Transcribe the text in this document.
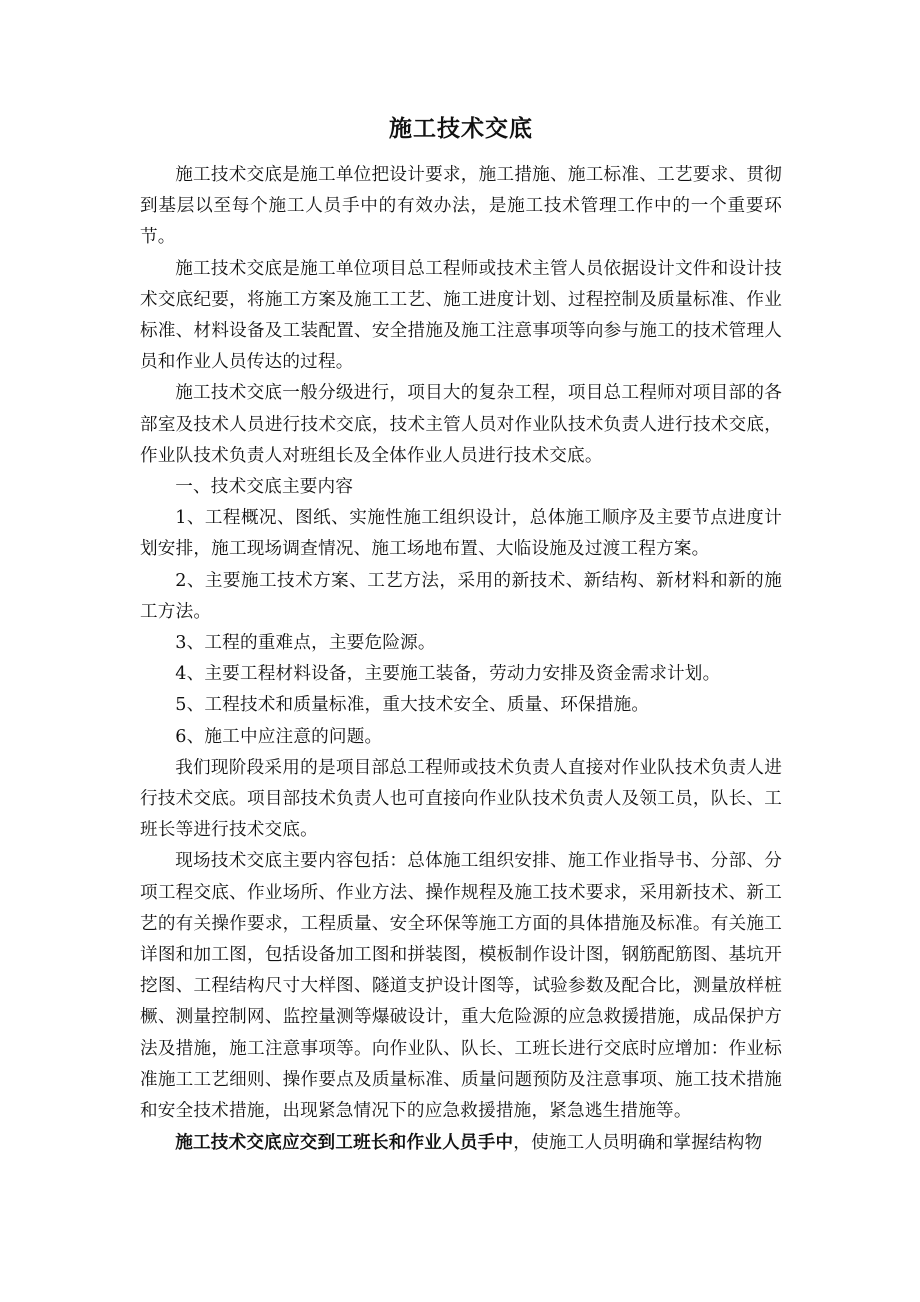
施工技术交底

施工技术交底是施工单位把设计要求，施工措施、施工标准、工艺要求、贯彻到基层以至每个施工人员手中的有效办法，是施工技术管理工作中的一个重要环节。

施工技术交底是施工单位项目总工程师或技术主管人员依据设计文件和设计技术交底纪要，将施工方案及施工工艺、施工进度计划、过程控制及质量标准、作业标准、材料设备及工装配置、安全措施及施工注意事项等向参与施工的技术管理人员和作业人员传达的过程。

施工技术交底一般分级进行，项目大的复杂工程，项目总工程师对项目部的各部室及技术人员进行技术交底，技术主管人员对作业队技术负责人进行技术交底，作业队技术负责人对班组长及全体作业人员进行技术交底。

一、技术交底主要内容

1、工程概况、图纸、实施性施工组织设计，总体施工顺序及主要节点进度计划安排，施工现场调查情况、施工场地布置、大临设施及过渡工程方案。

2、主要施工技术方案、工艺方法，采用的新技术、新结构、新材料和新的施工方法。

3、工程的重难点，主要危险源。

4、主要工程材料设备，主要施工装备，劳动力安排及资金需求计划。

5、工程技术和质量标准，重大技术安全、质量、环保措施。

6、施工中应注意的问题。

我们现阶段采用的是项目部总工程师或技术负责人直接对作业队技术负责人进行技术交底。项目部技术负责人也可直接向作业队技术负责人及领工员，队长、工班长等进行技术交底。

现场技术交底主要内容包括：总体施工组织安排、施工作业指导书、分部、分项工程交底、作业场所、作业方法、操作规程及施工技术要求，采用新技术、新工艺的有关操作要求，工程质量、安全环保等施工方面的具体措施及标准。有关施工详图和加工图，包括设备加工图和拼装图，模板制作设计图，钢筋配筋图、基坑开挖图、工程结构尺寸大样图、隧道支护设计图等，试验参数及配合比，测量放样桩橛、测量控制网、监控量测等爆破设计，重大危险源的应急救援措施，成品保护方法及措施，施工注意事项等。向作业队、队长、工班长进行交底时应增加：作业标准施工工艺细则、操作要点及质量标准、质量问题预防及注意事项、施工技术措施和安全技术措施，出现紧急情况下的应急救援措施，紧急逃生措施等。

施工技术交底应交到工班长和作业人员手中，使施工人员明确和掌握结构物
